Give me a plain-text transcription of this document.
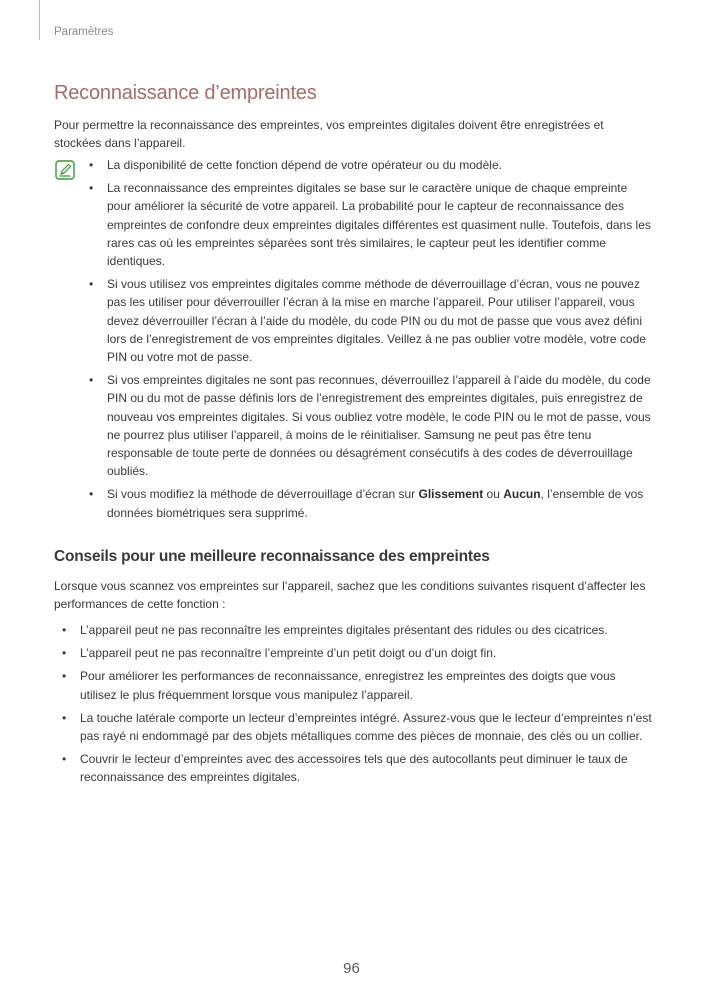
Paramètres
Reconnaissance d’empreintes

Pour permettre la reconnaissance des empreintes, vos empreintes digitales doivent être enregistrées et stockées dans l’appareil.

• La disponibilité de cette fonction dépend de votre opérateur ou du modèle.
• La reconnaissance des empreintes digitales se base sur le caractère unique de chaque empreinte pour améliorer la sécurité de votre appareil. La probabilité pour le capteur de reconnaissance des empreintes de confondre deux empreintes digitales différentes est quasiment nulle. Toutefois, dans les rares cas où les empreintes séparées sont très similaires, le capteur peut les identifier comme identiques.
• Si vous utilisez vos empreintes digitales comme méthode de déverrouillage d’écran, vous ne pouvez pas les utiliser pour déverrouiller l’écran à la mise en marche l’appareil. Pour utiliser l’appareil, vous devez déverrouiller l’écran à l’aide du modèle, du code PIN ou du mot de passe que vous avez défini lors de l’enregistrement de vos empreintes digitales. Veillez à ne pas oublier votre modèle, votre code PIN ou votre mot de passe.
• Si vos empreintes digitales ne sont pas reconnues, déverrouillez l’appareil à l’aide du modèle, du code PIN ou du mot de passe définis lors de l’enregistrement des empreintes digitales, puis enregistrez de nouveau vos empreintes digitales. Si vous oubliez votre modèle, le code PIN ou le mot de passe, vous ne pourrez plus utiliser l’appareil, à moins de le réinitialiser. Samsung ne peut pas être tenu responsable de toute perte de données ou désagrément consécutifs à des codes de déverrouillage oubliés.
• Si vous modifiez la méthode de déverrouillage d’écran sur Glissement ou Aucun, l’ensemble de vos données biométriques sera supprimé.
Conseils pour une meilleure reconnaissance des empreintes

Lorsque vous scannez vos empreintes sur l’appareil, sachez que les conditions suivantes risquent d’affecter les performances de cette fonction :

• L’appareil peut ne pas reconnaître les empreintes digitales présentant des ridules ou des cicatrices.
• L’appareil peut ne pas reconnaître l’empreinte d’un petit doigt ou d’un doigt fin.
• Pour améliorer les performances de reconnaissance, enregistrez les empreintes des doigts que vous utilisez le plus fréquemment lorsque vous manipulez l’appareil.
• La touche latérale comporte un lecteur d’empreintes intégré. Assurez-vous que le lecteur d’empreintes n’est pas rayé ni endommagé par des objets métalliques comme des pièces de monnaie, des clés ou un collier.
• Couvrir le lecteur d’empreintes avec des accessoires tels que des autocollants peut diminuer le taux de reconnaissance des empreintes digitales.
96
